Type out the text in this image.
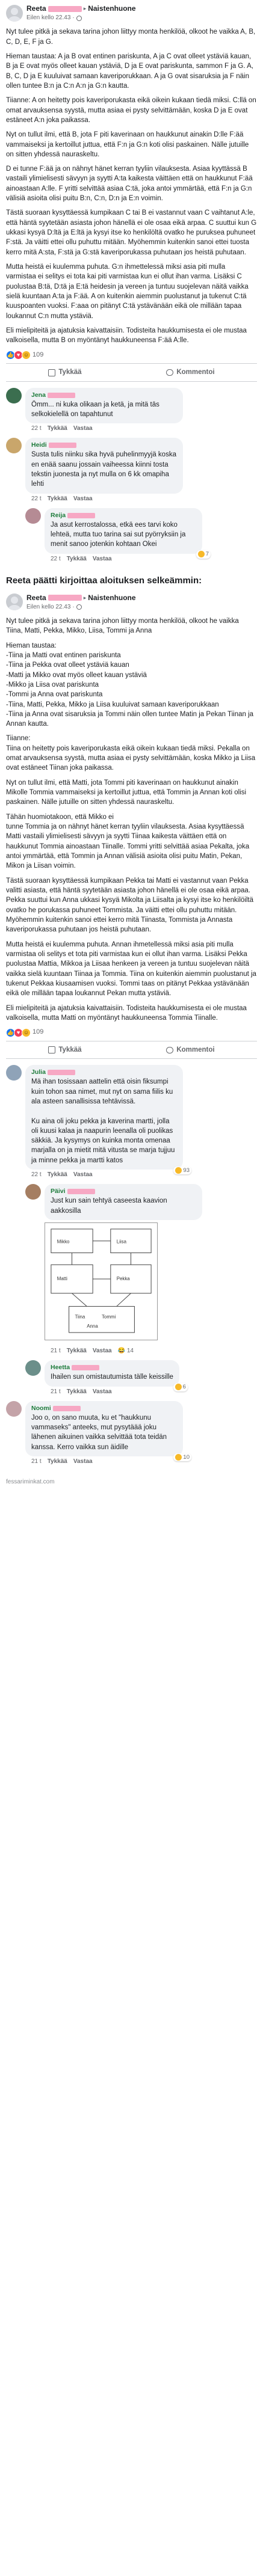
Reeta	▸ Naistenhuone
Eilen kello 22.43 ·
Nyt tulee pitkä ja sekava tarina johon liittyy monta henkilöä, olkoot he vaikka A, B, C, D, E, F ja G.
Hieman taustaa: A ja B ovat entinen pariskunta, A ja C ovat olleet ystäviä kauan, B ja E ovat myös olleet kauan ystäviä, D ja E ovat pariskunta, sammon F ja G. A, B, C, D ja E kuuluivat samaan kaveriporukkaan. A ja G ovat sisaruksia ja F näin ollen tuntee B:n ja C:n A:n ja G:n kautta.
Tiianne: A on heitetty pois kaveriporukasta eikä oikein kukaan tiedä miksi. C:llä on omat arvauksensa syystä, mutta asiaa ei pysty selvittämään, koska D ja E ovat estäneet A:n joka paikassa.
Nyt on tullut ilmi, että B, jota F piti kaverinaan on haukkunut ainakin D:lle F:ää vammaiseksi ja kertoillut juttua, että F:n ja G:n koti olisi paskainen. Nälle jutuille on sitten yhdessä nauraskeltu.
D ei tunne F:ää ja on nähnyt hänet kerran tyyliin vilauksesta. Asiaa kyyttässä B vastaili ylimielisesti sävyyn ja syytti A:ta kaikesta väittäen että on haukkunut F:ää ainoastaan A:lle. F yritti selvittää asiaa C:tä, joka antoi ymmärtää, että F:n ja G:n välisiä asioita olisi puitu B:n, C:n, D:n ja E:n voimin.
Tästä suoraan kysyttäessä kumpikaan C tai B ei vastannut vaan C vaihtanut A:le, että häntä syytetään asiasta johon hänellä ei ole osaa eikä arpaa. C suuttui kun G ukkasi kysyä D:ltä ja E:ltä ja kysyi itse ko henkilöltä ovatko he puruksea puhuneet F:stä. Ja väitti ettei ollu puhuttu mitään. Myöhemmin kuitenkin sanoi ettei tuosta kerro mitä A:sta, F:stä ja G:stä kaveriporukassa puhutaan jos heistä puhutaan.
Mutta heistä ei kuulemma puhuta. G:n ihmettelessä miksi asia piti mulla varmistaa ei selitys ei tota kai piti varmistaa kun ei ollut ihan varma. Lisäksi C puolustaa B:tä, D:tä ja E:tä heidesin ja vereen ja tuntuu suojelevan näitä vaikka sielä kuuntaan A:ta ja F:ää. A on kuitenkin aiemmin puolustanut ja tukenut C:tä kuuspoanten vuoksi. F:aaa on pitänyt C:tä ystävänään eikä ole millään tapaa loukannut C:n mutta ystäviä.
Eli mielipiteitä ja ajatuksia kaivattaisiin. Todisteita haukkumisesta ei ole mustaa valkoisella, mutta B on myöntänyt haukkuneensa F:ää A:lle.
👍 ♥ ☺ 109
Tykkää	Kommentoi
Jena
Ömm... ni kuka olikaan ja ketä, ja mitä tās selkokielellä on tapahtunut
22 t Tykkää Vastaa
Heidi
Susta tulis niinku sika hyvä puhelinmyyjä koska en enää saanu jossain vaiheessa kiinni tosta tekstin juonesta ja nyt mulla on 6 kk omapiha lehti
22 t Tykkää Vastaa
Reija
Ja asut kerrostalossa, etkä ees tarvi koko lehteä, mutta tuo tarina sai sut pyörryksiin ja menit sanoo jotenkin kohtaan Okei
7
22 t Tykkää Vastaa
Reeta päätti kirjoittaa aloituksen selkeämmin:
Reeta	▸ Naistenhuone
Eilen kello 22.43 ·
Nyt tulee pitkä ja sekava tarina johon liittyy monta henkilöä, olkoot he vaikka Tiina, Matti, Pekka, Mikko, Liisa, Tommi ja Anna
Hieman taustaa:
-Tiina ja Matti ovat entinen pariskunta
-Tiina ja Pekka ovat olleet ystäviä kauan
-Matti ja Mikko ovat myös olleet kauan ystäviä
-Mikko ja Liisa ovat pariskunta
-Tommi ja Anna ovat pariskunta
-Tiina, Matti, Pekka, Mikko ja Liisa kuuluivat samaan kaveriporukkaan
-Tiina ja Anna ovat sisaruksia ja Tommi näin ollen tuntee Matin ja Pekan Tiinan ja Annan kautta.
Tiianne:
Tiina on heitetty pois kaveriporukasta eikä oikein kukaan tiedä miksi. Pekalla on omat arvauksensa syystä, mutta asiaa ei pysty selvittämään, koska Mikko ja Liisa ovat estäneet Tiinan joka paikassa.
Nyt on tullut ilmi, että Matti, jota Tommi piti kaverinaan on haukkunut ainakin Mikolle Tommia vammaiseksi ja kertoillut juttua, että Tommin ja Annan koti olisi paskainen. Nälle jutuille on sitten yhdessä nauraskeltu.
Tähän huomiotakoon, että Mikko ei
tunne Tommia ja on nähnyt hänet kerran tyyliin vilauksesta. Asiaa kysyttäessä Matti vastaili ylimielisesti sävyyn ja syytti Tiinaa kaikesta väittäen että on haukkunut Tommia ainoastaan Tiinalle. Tommi yritti selvittää asiaa Pekalta, joka antoi ymmärtää, että Tommin ja Annan välisiä asioita olisi puitu Matin, Pekan, Mikon ja Liisan voimin.
Tästä suoraan kysyttäessä kumpikaan Pekka tai Matti ei vastannut vaan Pekka valitti asiasta, että häntä syytetään asiasta johon hänellä ei ole osaa eikä arpaa. Pekka suuttui kun Anna ukkasi kysyä Mikolta ja Liisalta ja kysyi itse ko henkilöiltä ovatko he porukassa puhuneet Tommista. Ja väitti ettei ollu puhuttu mitään. Myöhemmin kuitenkin sanoi ettei kerro mitä Tiinasta, Tommista ja Annasta kaveriporukassa puhutaan jos heistä puhutaan.
Mutta heistä ei kuulemma puhuta. Annan ihmetellessä miksi asia piti mulla varmistaa oli selitys et tota piti varmistaa kun ei ollut ihan varma. Lisäksi Pekka puolustaa Mattia, Mikkoa ja Liisaa henkeen ja vereen ja tuntuu suojelevan näitä vaikka sielä kuuntaan Tiinaa ja Tommia. Tiina on kuitenkin aiemmin puolustanut ja tukenut Pekkaa kiusaamisen vuoksi. Tommi taas on pitänyt Pekkaa ystävänään eikä ole millään tapaa loukannut Pekan mutta ystäviä.
Eli mielipiteitä ja ajatuksia kaivattaisiin. Todisteita haukkumisesta ei ole mustaa valkoisella, mutta Matti on myöntänyt haukkuneensa Tommia Tiinalle.
👍 ♥ ☺ 109
Tykkää	Kommentoi
Julia
Mä ihan tosissaan aattelin että oisin fiksumpi kuin tohon saa nimet, mut nyt on sama fiilis ku ala asteen sanallisissa tehtävissä.

Ku aina oli joku pekka ja kaverina martti, jolla oli kuusi kalaa ja naapurin leenalla oli puolikas säkkiä. Ja kysymys on kuinka monta omenaa marjalla on ja mietit mitä vitusta se marja tujjuu ja minne pekka ja martti katos
93
22 t Tykkää Vastaa
Päivi
Just kun sain tehtyä caseesta kaavion aakkosilla

Mikko	Liisa
Matti	Pekka
Tiina	Tommi
Anna
21 t Tykkää Vastaa 😂 14
Heetta
Ihailen sun omistautumista tälle keissille
6
21 t Tykkää Vastaa
Noomi
Joo o, on sano muuta, ku et "haukkunu vammaseks" anteeks, mut pysytäää joku lähenen aikuinen vaikka selvittää tota teidän kanssa. Kerro vaikka sun äidille
10
21 t Tykkää Vastaa
fessariminkat.com
